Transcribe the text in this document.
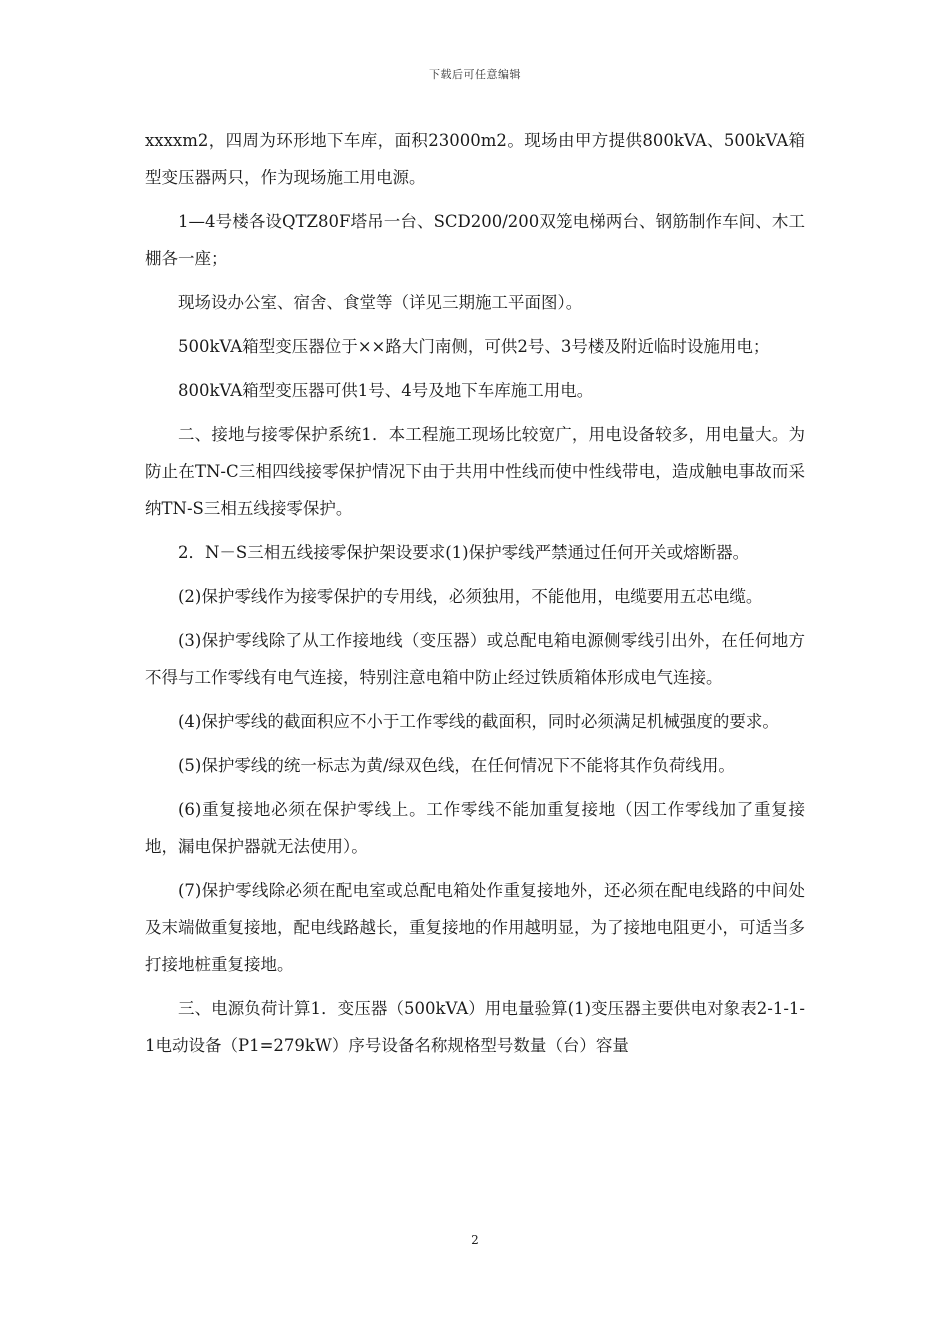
下载后可任意编辑

xxxxm2，四周为环形地下车库，面积23000m2。现场由甲方提供800kVA、500kVA箱型变压器两只，作为现场施工用电源。

1—4号楼各设QTZ80F塔吊一台、SCD200/200双笼电梯两台、钢筋制作车间、木工棚各一座；

现场设办公室、宿舍、食堂等（详见三期施工平面图）。

500kVA箱型变压器位于××路大门南侧，可供2号、3号楼及附近临时设施用电；

800kVA箱型变压器可供1号、4号及地下车库施工用电。

二、接地与接零保护系统1．本工程施工现场比较宽广，用电设备较多，用电量大。为防止在TN-C三相四线接零保护情况下由于共用中性线而使中性线带电，造成触电事故而采纳TN-S三相五线接零保护。

2．N－S三相五线接零保护架设要求(1)保护零线严禁通过任何开关或熔断器。

(2)保护零线作为接零保护的专用线，必须独用，不能他用，电缆要用五芯电缆。

(3)保护零线除了从工作接地线（变压器）或总配电箱电源侧零线引出外，在任何地方不得与工作零线有电气连接，特别注意电箱中防止经过铁质箱体形成电气连接。

(4)保护零线的截面积应不小于工作零线的截面积，同时必须满足机械强度的要求。

(5)保护零线的统一标志为黄/绿双色线，在任何情况下不能将其作负荷线用。

(6)重复接地必须在保护零线上。工作零线不能加重复接地（因工作零线加了重复接地，漏电保护器就无法使用）。

(7)保护零线除必须在配电室或总配电箱处作重复接地外，还必须在配电线路的中间处及末端做重复接地，配电线路越长，重复接地的作用越明显，为了接地电阻更小，可适当多打接地桩重复接地。

三、电源负荷计算1．变压器（500kVA）用电量验算(1)变压器主要供电对象表2-1-1-1电动设备（P1=279kW）序号设备名称规格型号数量（台）容量

2
